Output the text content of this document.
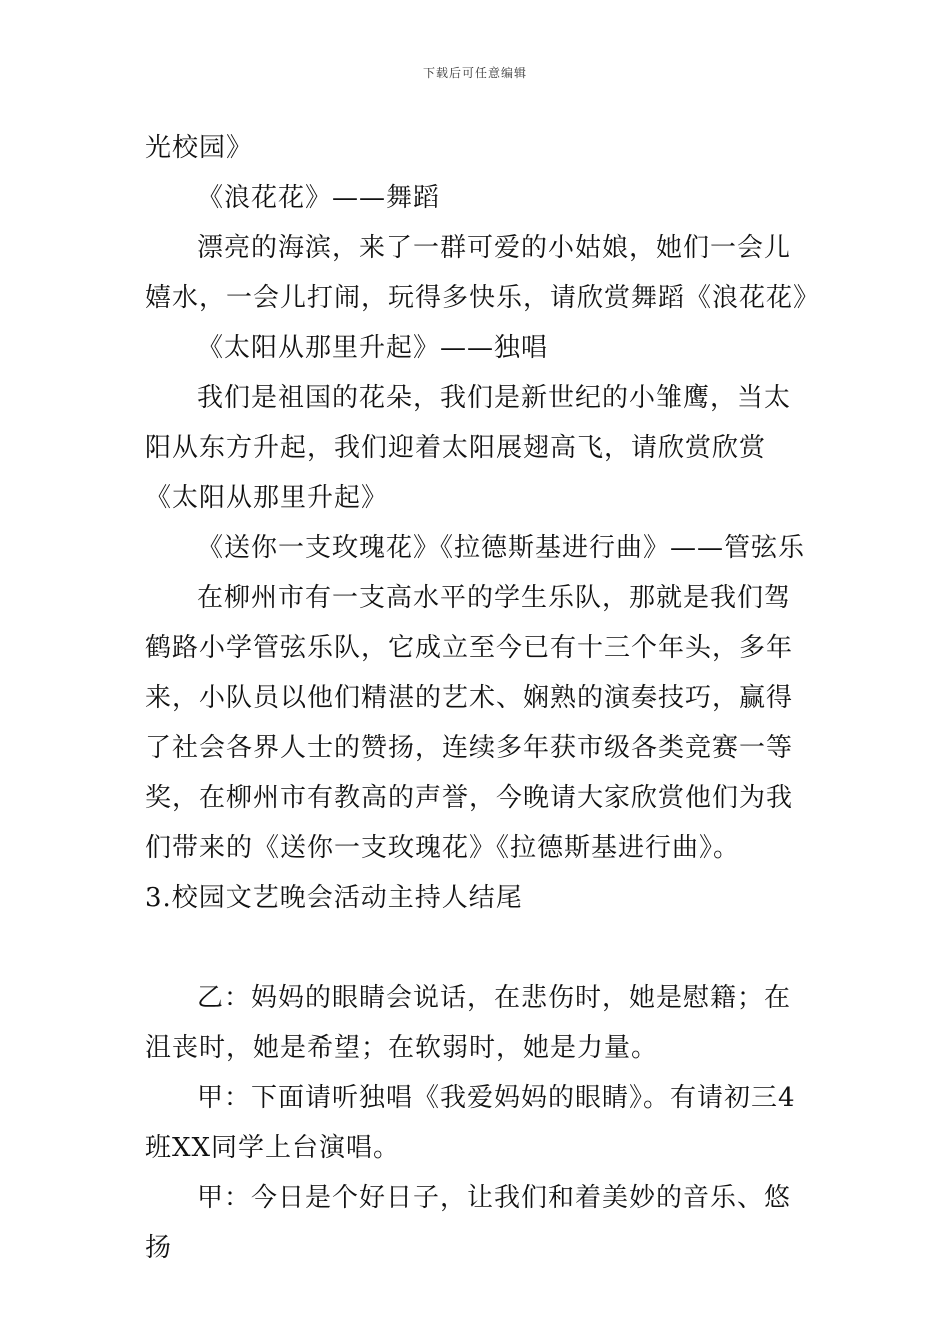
下载后可任意编辑

光校园》

《浪花花》——舞蹈

漂亮的海滨，来了一群可爱的小姑娘，她们一会儿嬉水，一会儿打闹，玩得多快乐，请欣赏舞蹈《浪花花》

《太阳从那里升起》——独唱

我们是祖国的花朵，我们是新世纪的小雏鹰，当太阳从东方升起，我们迎着太阳展翅高飞，请欣赏欣赏《太阳从那里升起》

《送你一支玫瑰花》《拉德斯基进行曲》——管弦乐

在柳州市有一支高水平的学生乐队，那就是我们驾鹤路小学管弦乐队，它成立至今已有十三个年头，多年来，小队员以他们精湛的艺术、娴熟的演奏技巧，赢得了社会各界人士的赞扬，连续多年获市级各类竞赛一等奖，在柳州市有教高的声誉，今晚请大家欣赏他们为我们带来的《送你一支玫瑰花》《拉德斯基进行曲》。

3.校园文艺晚会活动主持人结尾

乙：妈妈的眼睛会说话，在悲伤时，她是慰籍；在沮丧时，她是希望；在软弱时，她是力量。

甲：下面请听独唱《我爱妈妈的眼睛》。有请初三4班XX同学上台演唱。

甲：今日是个好日子，让我们和着美妙的音乐、悠扬
